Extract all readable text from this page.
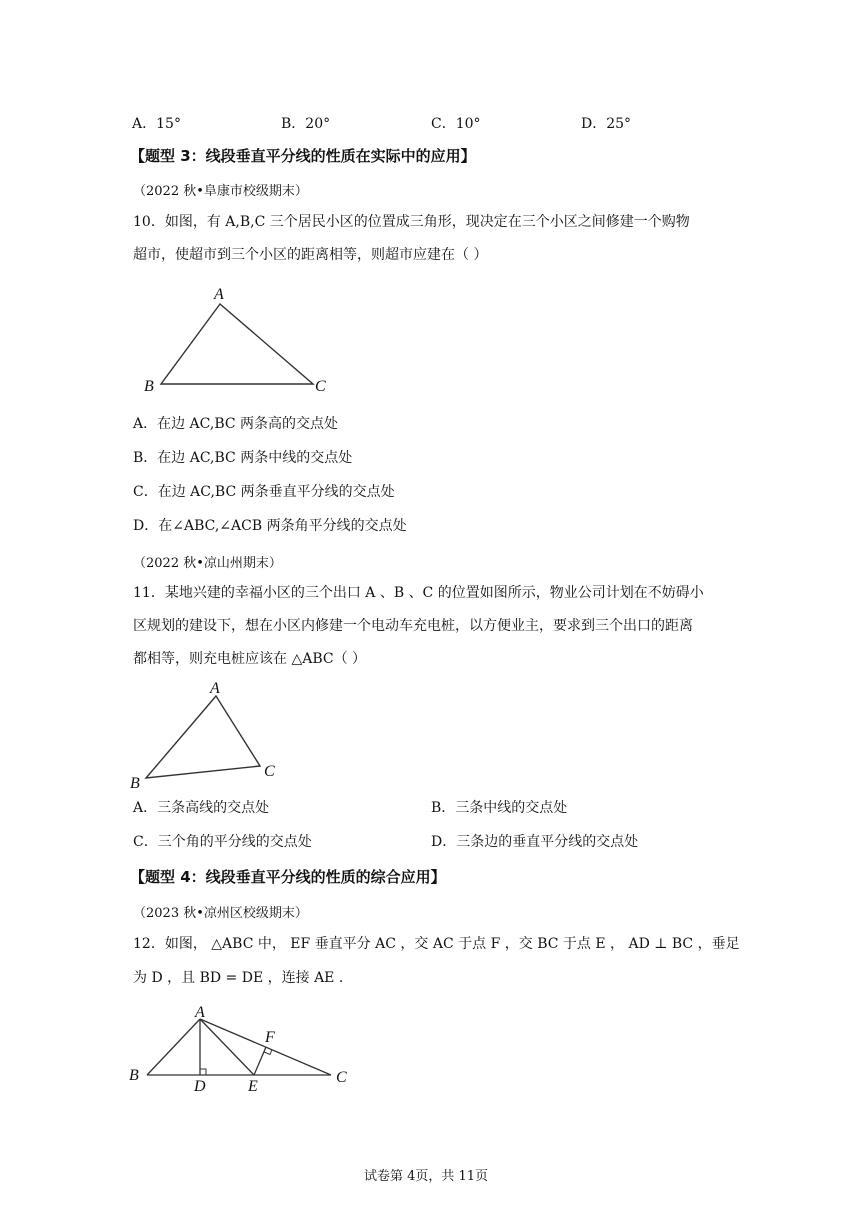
A．15°	B．20°	C．10°	D．25°
【题型 3：线段垂直平分线的性质在实际中的应用】
（2022 秋•阜康市校级期末）
10．如图，有 A,B,C 三个居民小区的位置成三角形，现决定在三个小区之间修建一个购物
超市，使超市到三个小区的距离相等，则超市应建在（ ）
A
B	C
A．在边 AC,BC 两条高的交点处
B．在边 AC,BC 两条中线的交点处
C．在边 AC,BC 两条垂直平分线的交点处
D．在∠ABC,∠ACB 两条角平分线的交点处
（2022 秋•凉山州期末）
11．某地兴建的幸福小区的三个出口 A 、B 、C 的位置如图所示，物业公司计划在不妨碍小
区规划的建设下，想在小区内修建一个电动车充电桩，以方便业主，要求到三个出口的距离
都相等，则充电桩应该在 △ABC（ ）
A
B
C
A．三条高线的交点处	B．三条中线的交点处
C．三个角的平分线的交点处	D．三条边的垂直平分线的交点处
【题型 4：线段垂直平分线的性质的综合应用】
（2023 秋•凉州区校级期末）
12．如图， △ABC 中， EF 垂直平分 AC ，交 AC 于点 F ，交 BC 于点 E ， AD ⊥ BC ，垂足
为 D ，且 BD = DE ，连接 AE .
A
B	C
D	E
F
试卷第 4页，共 11页
